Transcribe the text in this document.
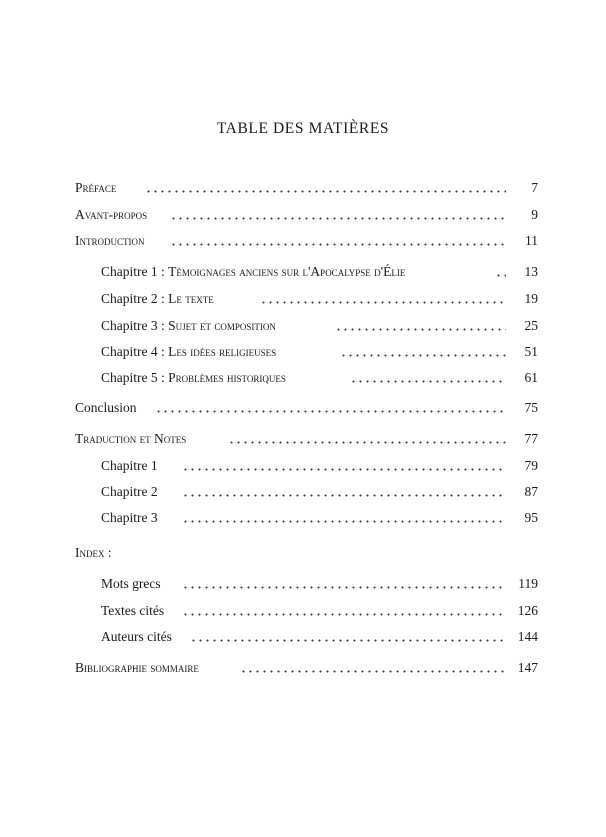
TABLE DES MATIÈRES
Préface	7
Avant-propos	9
Introduction	11
Chapitre 1 : Témoignages anciens sur l'Apocalypse d'Élie	13
Chapitre 2 : Le texte	19
Chapitre 3 : Sujet et composition	25
Chapitre 4 : Les idées religieuses	51
Chapitre 5 : Problèmes historiques	61
Conclusion	75
Traduction et Notes	77
Chapitre 1	79
Chapitre 2	87
Chapitre 3	95
Index :
Mots grecs	119
Textes cités	126
Auteurs cités	144
Bibliographie sommaire	147
